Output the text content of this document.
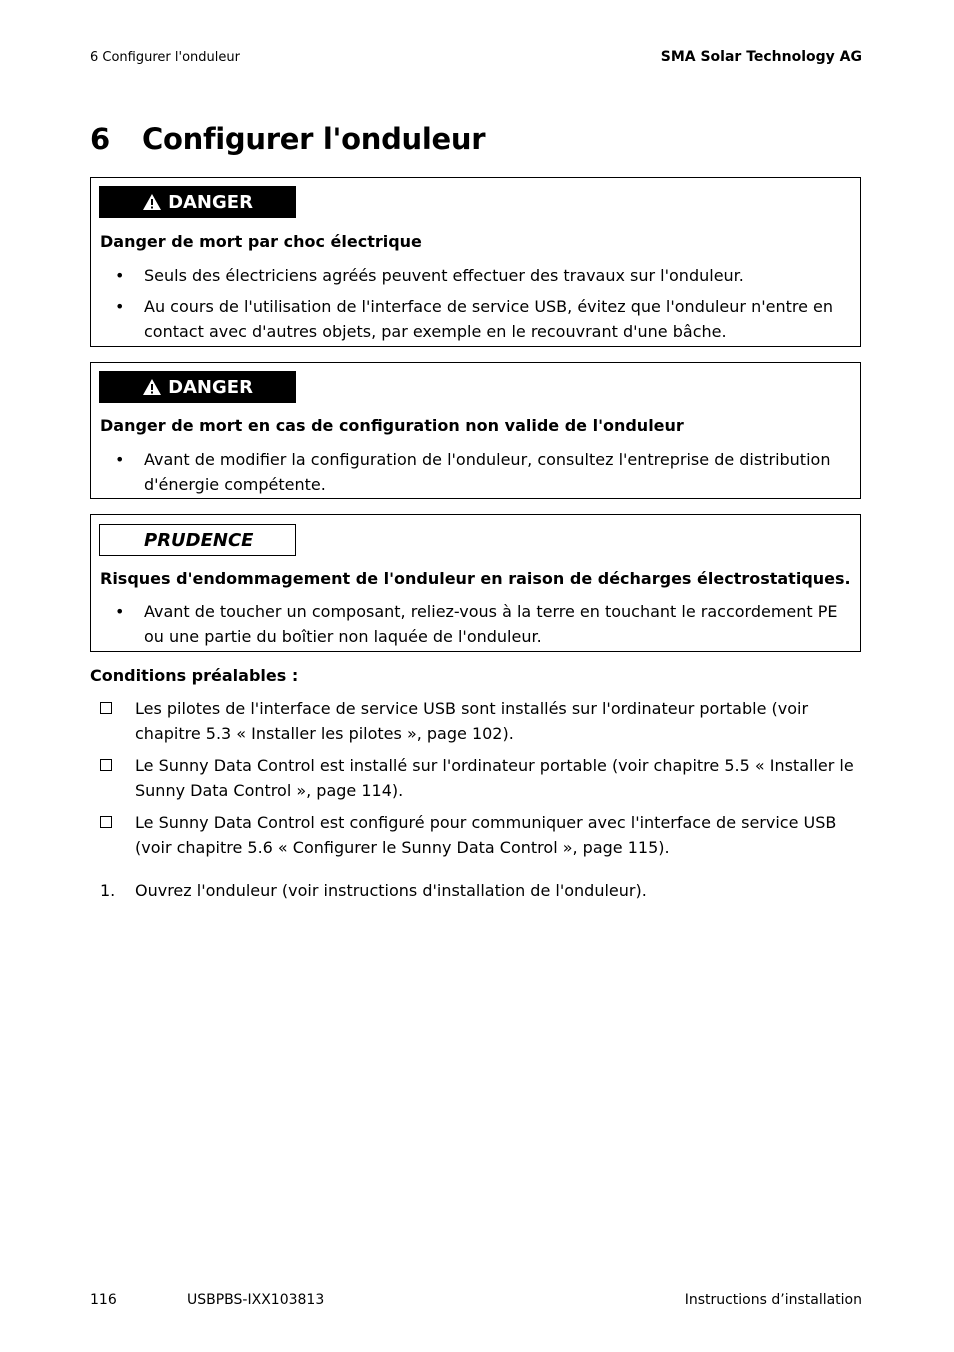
6 Configurer l'onduleur	SMA Solar Technology AG
6 Configurer l'onduleur
DANGER
Danger de mort par choc électrique
• Seuls des électriciens agréés peuvent effectuer des travaux sur l'onduleur.
• Au cours de l'utilisation de l'interface de service USB, évitez que l'onduleur n'entre en contact avec d'autres objets, par exemple en le recouvrant d'une bâche.
DANGER
Danger de mort en cas de configuration non valide de l'onduleur
• Avant de modifier la configuration de l'onduleur, consultez l'entreprise de distribution d'énergie compétente.
PRUDENCE
Risques d'endommagement de l'onduleur en raison de décharges électrostatiques.
• Avant de toucher un composant, reliez-vous à la terre en touchant le raccordement PE ou une partie du boîtier non laquée de l'onduleur.
Conditions préalables :
Les pilotes de l'interface de service USB sont installés sur l'ordinateur portable (voir chapitre 5.3 « Installer les pilotes », page 102).
Le Sunny Data Control est installé sur l'ordinateur portable (voir chapitre 5.5 « Installer le Sunny Data Control », page 114).
Le Sunny Data Control est configuré pour communiquer avec l'interface de service USB (voir chapitre 5.6 « Configurer le Sunny Data Control », page 115).
1. Ouvrez l'onduleur (voir instructions d'installation de l'onduleur).
116	USBPBS-IXX103813	Instructions d’installation
